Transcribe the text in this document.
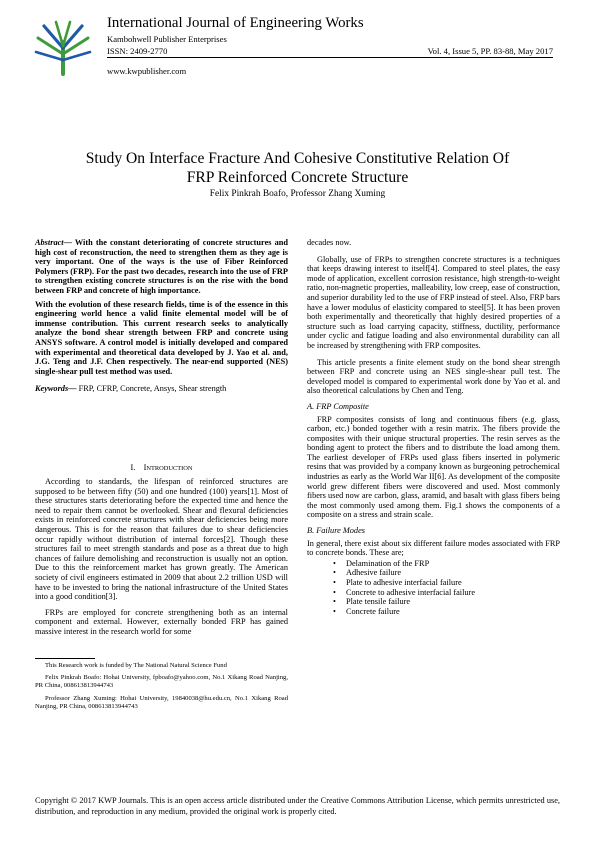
International Journal of Engineering Works
Kambohwell Publisher Enterprises
ISSN: 2409-2770	Vol. 4, Issue 5, PP. 83-88, May 2017
www.kwpublisher.com
Study On Interface Fracture And Cohesive Constitutive Relation Of
FRP Reinforced Concrete Structure
Felix Pinkrah Boafo, Professor Zhang Xuming

Abstract— With the constant deteriorating of concrete structures and high cost of reconstruction, the need to strengthen them as they age is very important. One of the ways is the use of Fiber Reinforced Polymers (FRP). For the past two decades, research into the use of FRP to strengthen existing concrete structures is on the rise with the bond between FRP and concrete of high importance.

With the evolution of these research fields, time is of the essence in this engineering world hence a valid finite elemental model will be of immense contribution. This current research seeks to analytically analyze the bond shear strength between FRP and concrete using ANSYS software. A control model is initially developed and compared with experimental and theoretical data developed by J. Yao et al. and, J.G. Teng and J.F. Chen respectively. The near-end supported (NES) single-shear pull test method was used.

Keywords— FRP, CFRP, Concrete, Ansys, Shear strength

I. INTRODUCTION

According to standards, the lifespan of reinforced structures are supposed to be between fifty (50) and one hundred (100) years[1]. Most of these structures starts deteriorating before the expected time and hence the need to repair them cannot be overlooked. Shear and flexural deficiencies exists in reinforced concrete structures with shear deficiencies being more dangerous. This is for the reason that failures due to shear deficiencies occur rapidly without distribution of internal forces[2]. Though these structures fail to meet strength standards and pose as a threat due to high chances of failure demolishing and reconstruction is usually not an option. Due to this the reinforcement market has grown greatly. The American society of civil engineers estimated in 2009 that about 2.2 trillion USD will have to be invested to bring the national infrastructure of the United States into a good condition[3].

FRPs are employed for concrete strengthening both as an internal component and external. However, externally bonded FRP has gained massive interest in the research world for some

This Research work is funded by The National Natural Science Fund

Felix Pinkrah Boafo: Hohai University, fpboafo@yahoo.com, No.1 Xikang Road Nanjing, PR China, 008613813944743

Professor Zhang Xuming: Hohai University, 19840038@hu.edu.cn, No.1 Xikang Road Nanjing, PR China, 008613813944743

decades now.

Globally, use of FRPs to strengthen concrete structures is a techniques that keeps drawing interest to itself[4]. Compared to steel plates, the easy mode of application, excellent corrosion resistance, high strength-to-weight ratio, non-magnetic properties, malleability, low creep, ease of construction, and superior durability led to the use of FRP instead of steel. Also, FRP bars have a lower modulus of elasticity compared to steel[5]. It has been proven both experimentally and theoretically that highly desired properties of a structure such as load carrying capacity, stiffness, ductility, performance under cyclic and fatigue loading and also environmental durability can all be increased by strengthening with FRP composites.

This article presents a finite element study on the bond shear strength between FRP and concrete using an NES single-shear pull test. The developed model is compared to experimental work done by Yao et al. and also theoretical calculations by Chen and Teng.

A. FRP Composite

FRP composites consists of long and continuous fibers (e.g. glass, carbon, etc.) bonded together with a resin matrix. The fibers provide the composites with their unique structural properties. The resin serves as the bonding agent to protect the fibers and to distribute the load among them. The earliest developer of FRPs used glass fibers inserted in polymeric resins that was provided by a company known as burgeoning petrochemical industries as early as the World War II[6]. As development of the composite world grew different fibers were discovered and used. Most commonly fibers used now are carbon, glass, aramid, and basalt with glass fibers being the most commonly used among them. Fig.1 shows the components of a composite on a stress and strain scale.

B. Failure Modes

In general, there exist about six different failure modes associated with FRP to concrete bonds. These are;

• Delamination of the FRP
• Adhesive failure
• Plate to adhesive interfacial failure
• Concrete to adhesive interfacial failure
• Plate tensile failure
• Concrete failure
Copyright © 2017 KWP Journals. This is an open access article distributed under the Creative Commons Attribution License, which permits unrestricted use, distribution, and reproduction in any medium, provided the original work is properly cited.
